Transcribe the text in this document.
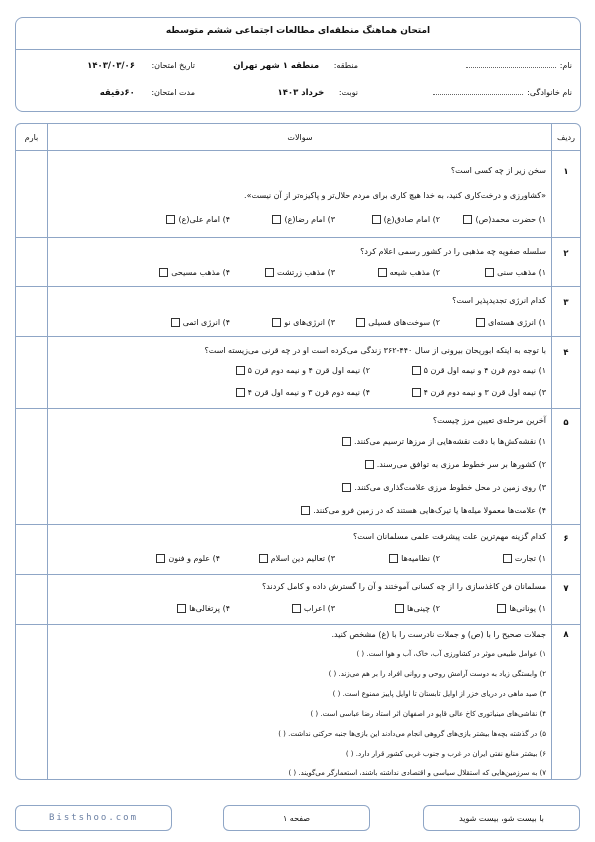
امتحان هماهنگ منطقه‌ای مطالعات اجتماعی ششم متوسطه
نام:
نام خانوادگی:
منطقه: منطقه ۱ شهر تهران
نوبت: خرداد ۱۴۰۳
تاریخ امتحان: ۱۴۰۳/۰۳/۰۶
مدت امتحان: ۶۰دقیقه
ردیف
سوالات
بارم
۱
سخن زیر از چه کسی است؟
«کشاورزی و درخت‌کاری کنید، به خدا هیچ کاری برای مردم حلال‌تر و پاکیزه‌تر از آن نیست».
۱) حضرت محمد(ص)
۲) امام صادق(ع)
۳) امام رضا(ع)
۴) امام علی(ع)
۲
سلسله صفویه چه مذهبی را در کشور رسمی اعلام کرد؟
۱) مذهب سنی
۲) مذهب شیعه
۳) مذهب زرتشت
۴) مذهب مسیحی
۳
کدام انرژی تجدیدپذیر است؟
۱) انرژی هسته‌ای
۲) سوخت‌های فسیلی
۳) انرژی‌های نو
۴) انرژی اتمی
۴
با توجه به اینکه ابوریحان بیرونی از سال ۴۴۰-۳۶۲ زندگی می‌کرده است او در چه قرنی می‌زیسته است؟
۱) نیمه دوم قرن ۴ و نیمه اول قرن ۵
۲) نیمه اول قرن ۴ و نیمه دوم قرن ۵
۳) نیمه اول قرن ۳ و نیمه دوم قرن ۴
۴) نیمه دوم قرن ۳ و نیمه اول قرن ۴
۵
آخرین مرحله‌ی تعیین مرز چیست؟
۱) نقشه‌کش‌ها با دقت نقشه‌هایی از مرزها ترسیم می‌کنند.
۲) کشورها بر سر خطوط مرزی به توافق می‌رسند.
۳) روی زمین در محل خطوط مرزی علامت‌گذاری می‌کنند.
۴) علامت‌ها معمولا میله‌ها یا تیرک‌هایی هستند که در زمین فرو می‌کنند.
۶
کدام گزینه مهم‌ترین علت پیشرفت علمی مسلمانان است؟
۱) تجارت
۲) نظامیه‌ها
۳) تعالیم دین اسلام
۴) علوم و فنون
۷
مسلمانان فن کاغذسازی را از چه کسانی آموختند و آن را گسترش داده و کامل کردند؟
۱) یونانی‌ها
۲) چینی‌ها
۳) اعراب
۴) پرتغالی‌ها
۸
جملات صحیح را با (ص) و جملات نادرست را با (غ) مشخص کنید.
۱) عوامل طبیعی موثر در کشاورزی آب، خاک، آب و هوا است. ( )
۲) وابستگی زیاد به دوست آرامش روحی و روانی افراد را بر هم می‌زند. ( )
۳) صید ماهی در دریای خزر از اوایل تابستان تا اوایل پاییز ممنوع است. ( )
۴) نقاشی‌های مینیاتوری کاخ عالی قاپو در اصفهان اثر استاد رضا عباسی است. ( )
۵) در گذشته بچه‌ها بیشتر بازی‌های گروهی انجام می‌دادند این بازی‌ها جنبه حرکتی نداشت. ( )
۶) بیشتر منابع نفتی ایران در غرب و جنوب غربی کشور قرار دارد. ( )
۷) به سرزمین‌هایی که استقلال سیاسی و اقتصادی نداشته باشند، استعمارگر می‌گویند. ( )
با بیست شو، بیست شوید
صفحه ۱
Bistshoo.com
